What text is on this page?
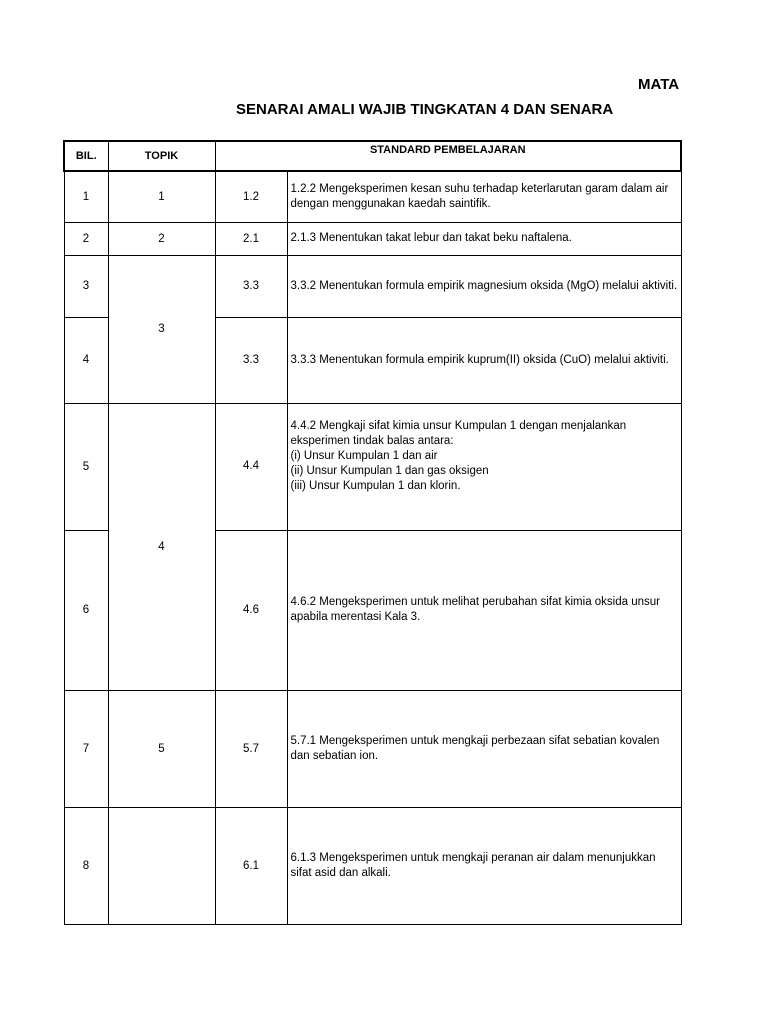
MATA
SENARAI AMALI WAJIB TINGKATAN 4 DAN SENARA
BIL.	TOPIK	STANDARD PEMBELAJARAN	
1	1	1.2	1.2.2 Mengeksperimen kesan suhu terhadap keterlarutan garam dalam air dengan menggunakan kaedah saintifik.
2	2	2.1	2.1.3 Menentukan takat lebur dan takat beku naftalena.
3	3	3.3	3.3.2 Menentukan formula empirik magnesium oksida (MgO) melalui aktiviti.
4		3.3	3.3.3 Menentukan formula empirik kuprum(II) oksida (CuO) melalui aktiviti.
5	4	4.4	4.4.2 Mengkaji sifat kimia unsur Kumpulan 1 dengan menjalankan eksperimen tindak balas antara:
(i) Unsur Kumpulan 1 dan air
(ii) Unsur Kumpulan 1 dan gas oksigen
(iii) Unsur Kumpulan 1 dan klorin.
6		4.6	4.6.2 Mengeksperimen untuk melihat perubahan sifat kimia oksida unsur apabila merentasi Kala 3.
7	5	5.7	5.7.1 Mengeksperimen untuk mengkaji perbezaan sifat sebatian kovalen dan sebatian ion.
8		6.1	6.1.3 Mengeksperimen untuk mengkaji peranan air dalam menunjukkan sifat asid dan alkali.
